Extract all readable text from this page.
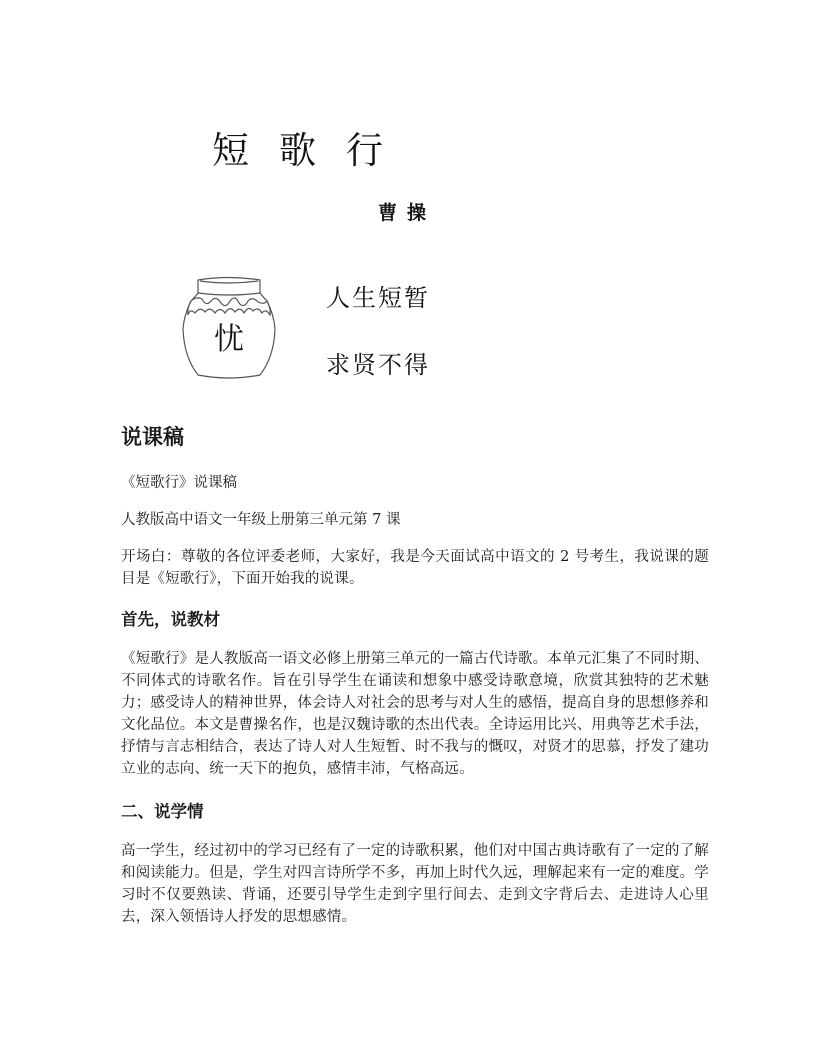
短歌行
曹操
忧
人生短暂
求贤不得
说课稿

《短歌行》说课稿

人教版高中语文一年级上册第三单元第 7 课

开场白：尊敬的各位评委老师，大家好，我是今天面试高中语文的 2 号考生，我说课的题目是《短歌行》，下面开始我的说课。

首先，说教材

《短歌行》是人教版高一语文必修上册第三单元的一篇古代诗歌。本单元汇集了不同时期、不同体式的诗歌名作。旨在引导学生在诵读和想象中感受诗歌意境，欣赏其独特的艺术魅力；感受诗人的精神世界，体会诗人对社会的思考与对人生的感悟，提高自身的思想修养和文化品位。本文是曹操名作，也是汉魏诗歌的杰出代表。全诗运用比兴、用典等艺术手法，抒情与言志相结合，表达了诗人对人生短暂、时不我与的慨叹，对贤才的思慕，抒发了建功立业的志向、统一天下的抱负，感情丰沛，气格高远。

二、说学情

高一学生，经过初中的学习已经有了一定的诗歌积累，他们对中国古典诗歌有了一定的了解和阅读能力。但是，学生对四言诗所学不多，再加上时代久远，理解起来有一定的难度。学习时不仅要熟读、背诵，还要引导学生走到字里行间去、走到文字背后去、走进诗人心里去，深入领悟诗人抒发的思想感情。
